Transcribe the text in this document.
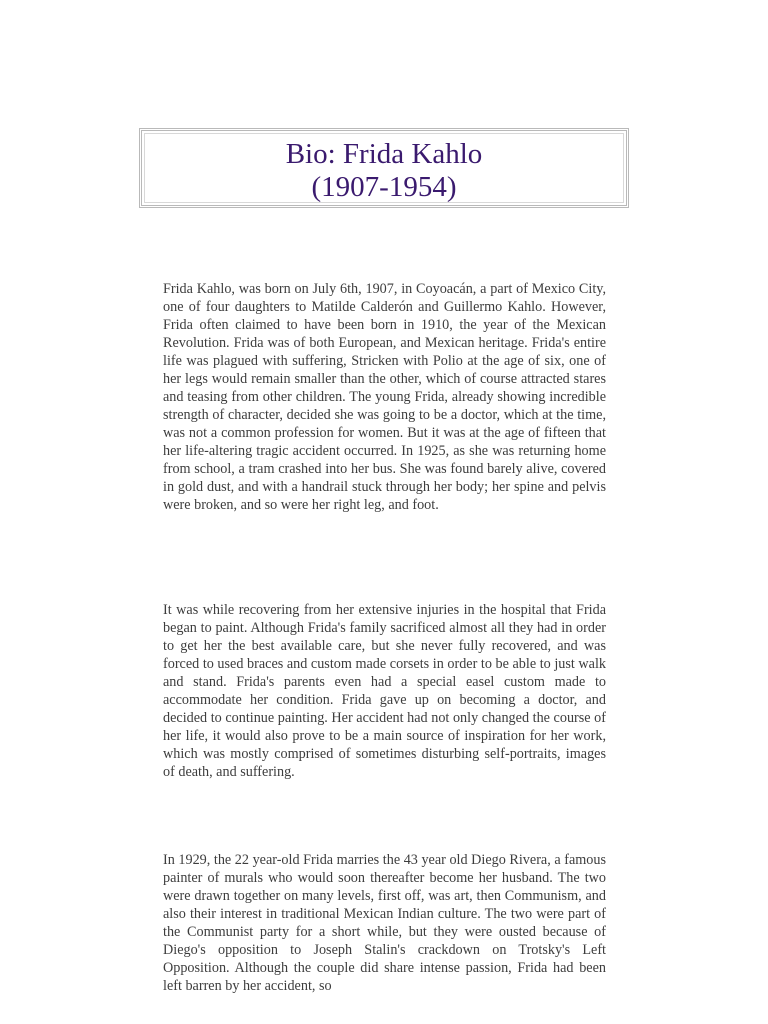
Bio: Frida Kahlo
(1907-1954)

Frida Kahlo, was born on July 6th, 1907, in Coyoacán, a part of Mexico City, one of four daughters to Matilde Calderón and Guillermo Kahlo. However, Frida often claimed to have been born in 1910, the year of the Mexican Revolution. Frida was of both European, and Mexican heritage. Frida's entire life was plagued with suffering, Stricken with Polio at the age of six, one of her legs would remain smaller than the other, which of course attracted stares and teasing from other children. The young Frida, already showing incredible strength of character, decided she was going to be a doctor, which at the time, was not a common profession for women. But it was at the age of fifteen that her life-altering tragic accident occurred. In 1925, as she was returning home from school, a tram crashed into her bus. She was found barely alive, covered in gold dust, and with a handrail stuck through her body; her spine and pelvis were broken, and so were her right leg, and foot.

It was while recovering from her extensive injuries in the hospital that Frida began to paint. Although Frida's family sacrificed almost all they had in order to get her the best available care, but she never fully recovered, and was forced to used braces and custom made corsets in order to be able to just walk and stand. Frida's parents even had a special easel custom made to accommodate her condition. Frida gave up on becoming a doctor, and decided to continue painting. Her accident had not only changed the course of her life, it would also prove to be a main source of inspiration for her work, which was mostly comprised of sometimes disturbing self-portraits, images of death, and suffering.

In 1929, the 22 year-old Frida marries the 43 year old Diego Rivera, a famous painter of murals who would soon thereafter become her husband. The two were drawn together on many levels, first off, was art, then Communism, and also their interest in traditional Mexican Indian culture. The two were part of the Communist party for a short while, but they were ousted because of Diego's opposition to Joseph Stalin's crackdown on Trotsky's Left Opposition. Although the couple did share intense passion, Frida had been left barren by her accident, so
